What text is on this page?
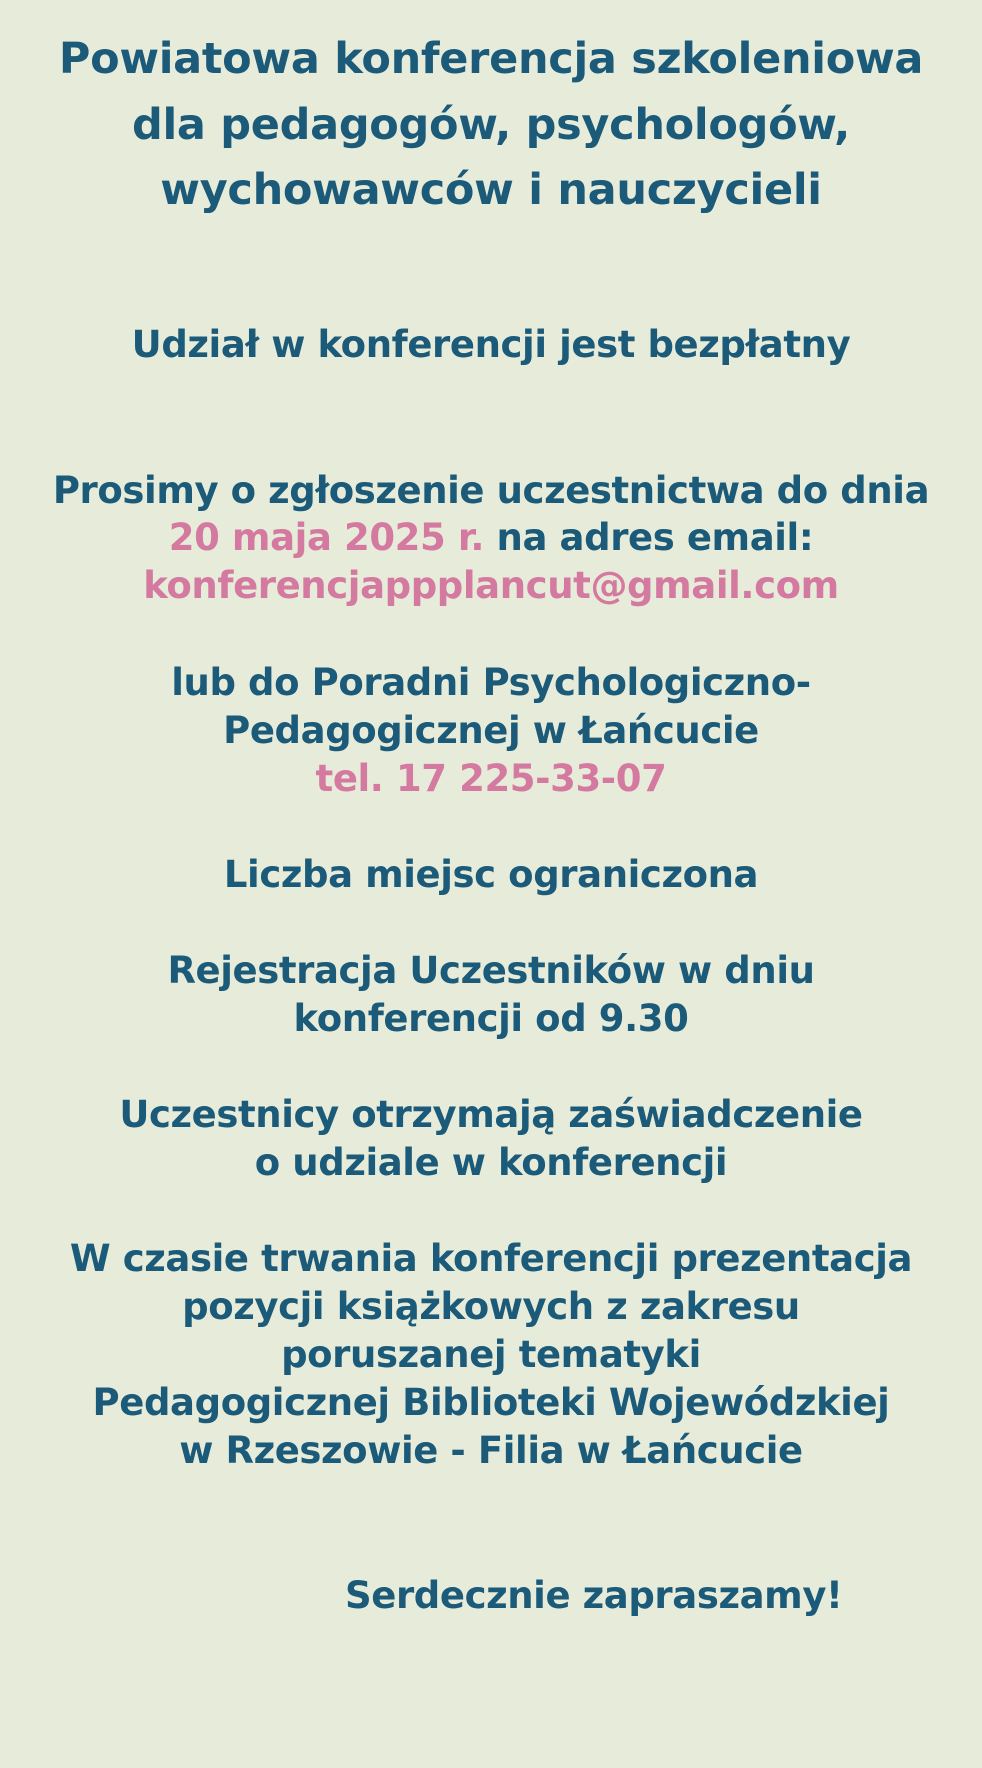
Powiatowa konferencja szkoleniowa
dla pedagogów, psychologów,
wychowawców i nauczycieli
Udział w konferencji jest bezpłatny
Prosimy o zgłoszenie uczestnictwa do dnia
20 maja 2025 r. na adres email:
konferencjappplancut@gmail.com
lub do Poradni Psychologiczno-
Pedagogicznej w Łańcucie
tel. 17 225-33-07
Liczba miejsc ograniczona
Rejestracja Uczestników w dniu
konferencji od 9.30
Uczestnicy otrzymają zaświadczenie
o udziale w konferencji
W czasie trwania konferencji prezentacja
pozycji książkowych z zakresu
poruszanej tematyki
Pedagogicznej Biblioteki Wojewódzkiej
w Rzeszowie - Filia w Łańcucie
Serdecznie zapraszamy!
